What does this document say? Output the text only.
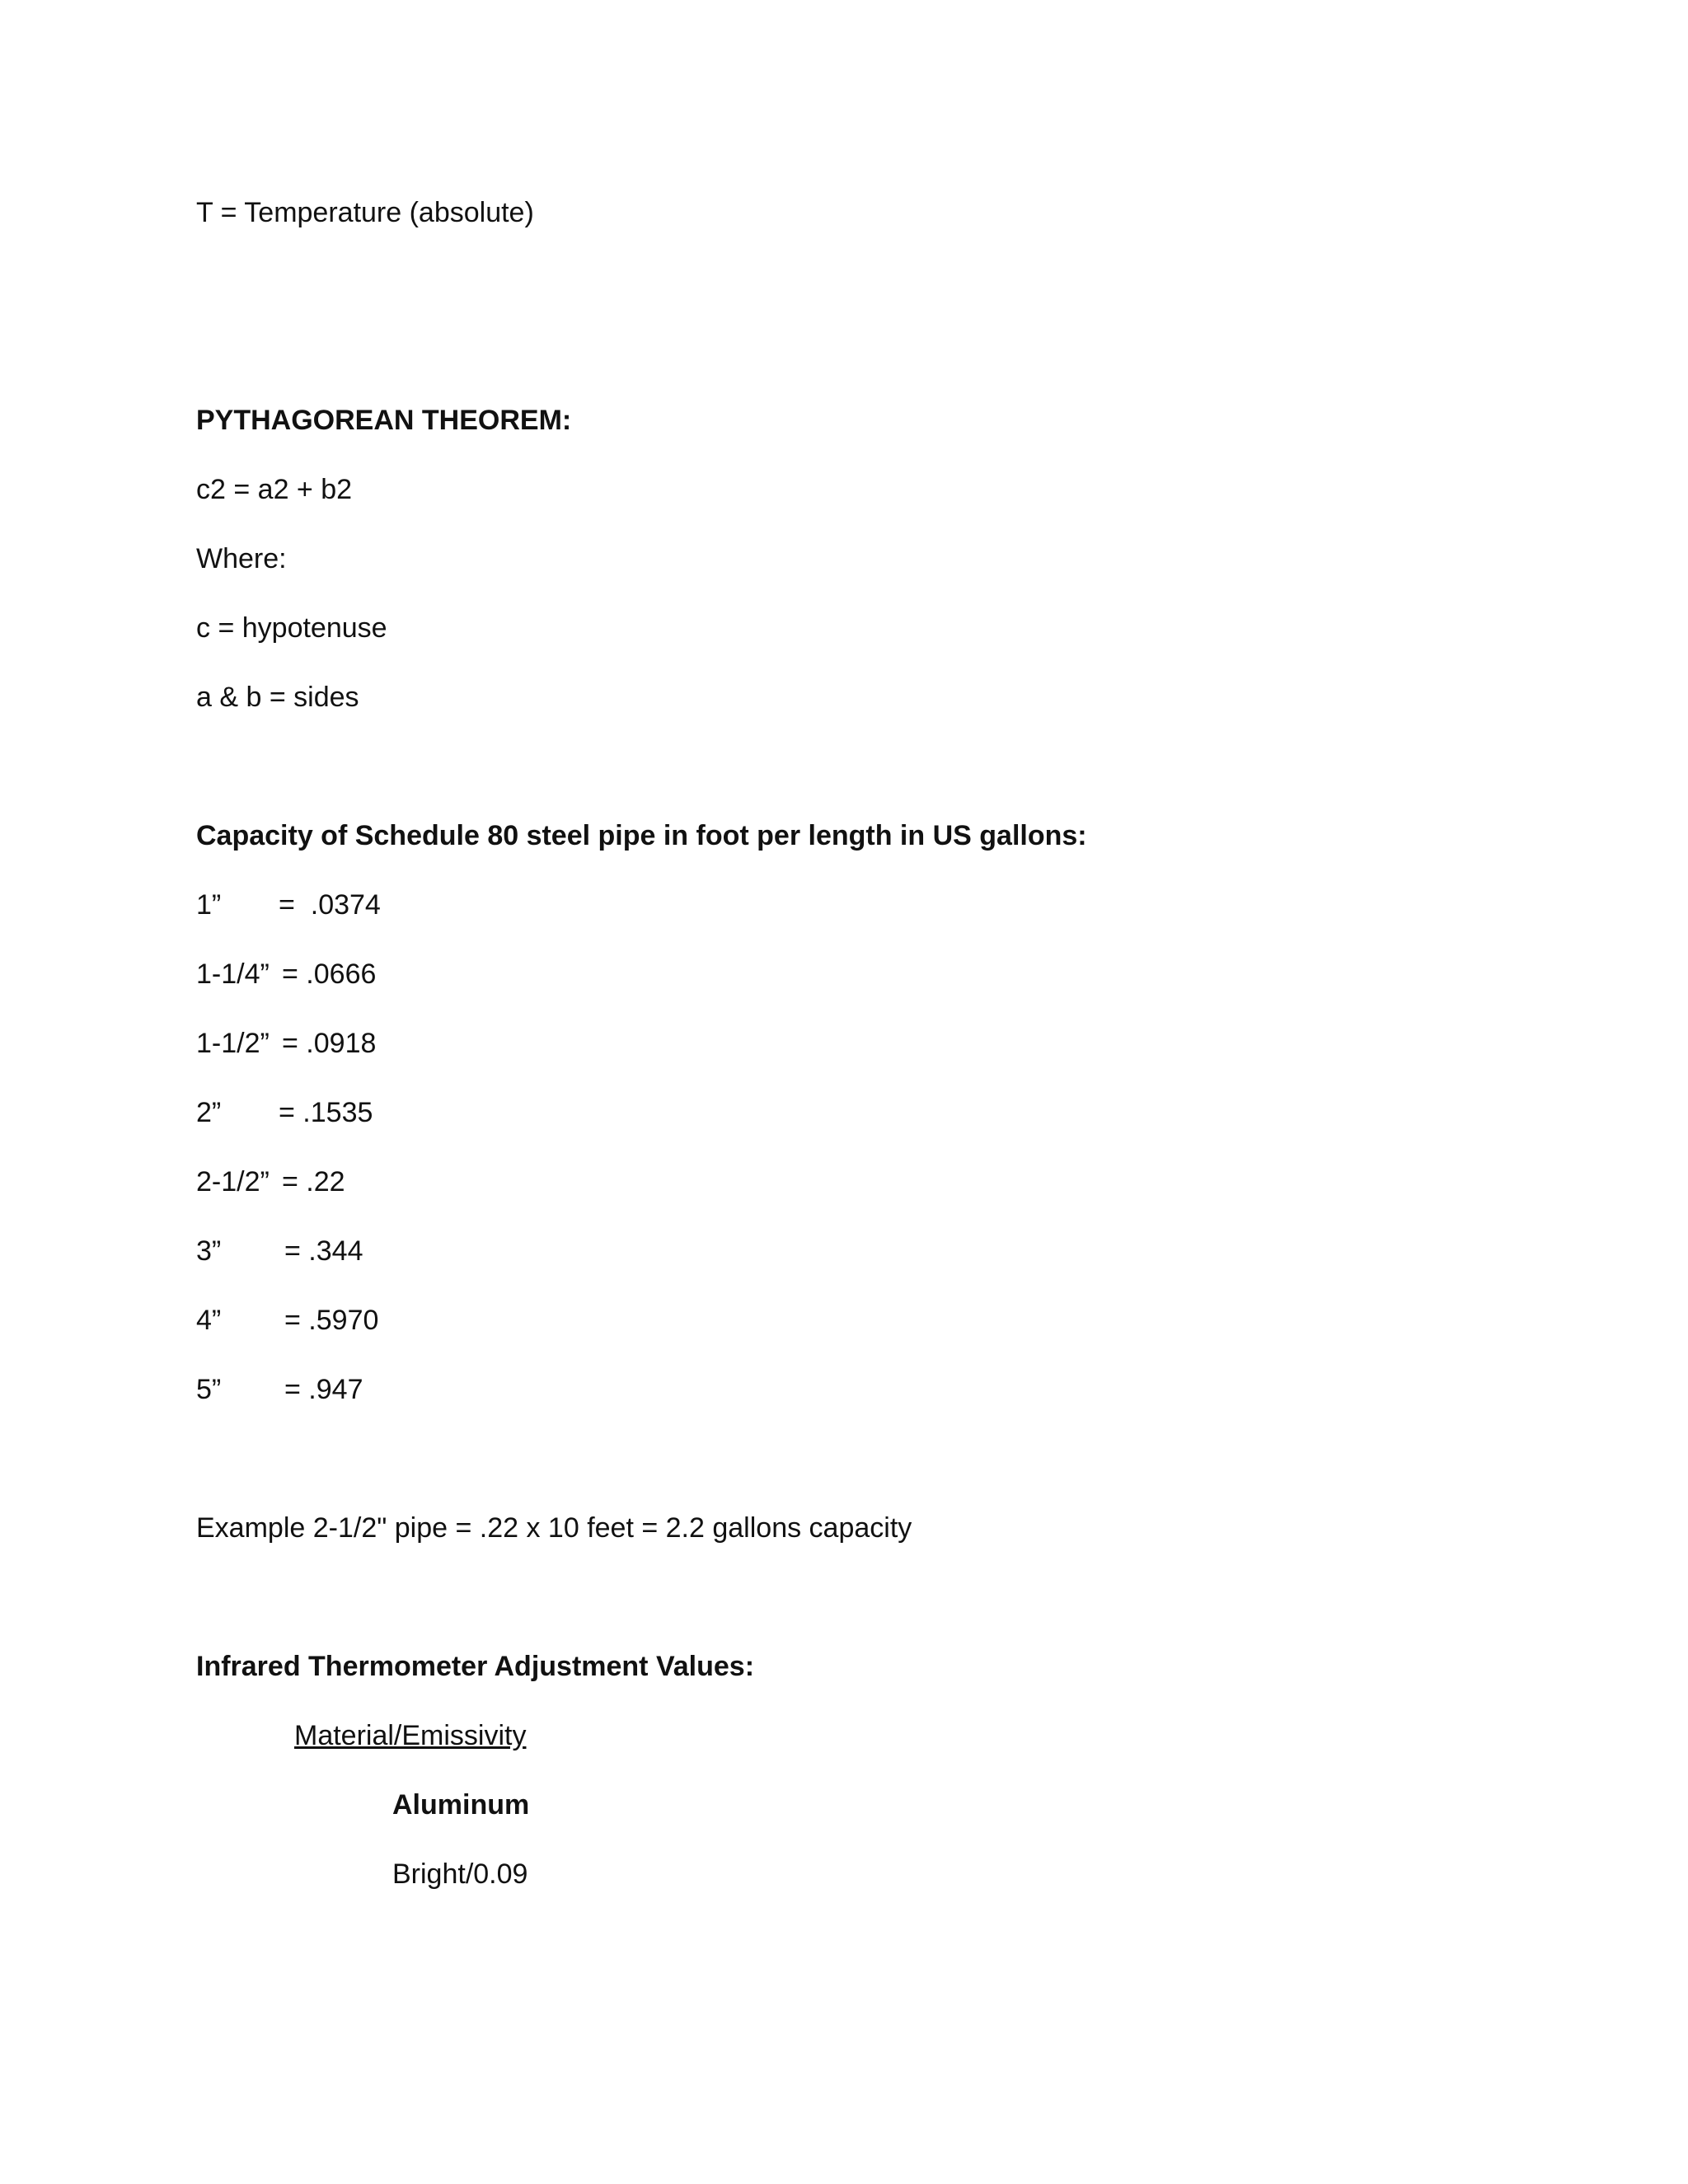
T = Temperature (absolute)
PYTHAGOREAN THEOREM:
c2 = a2 + b2
Where:
c = hypotenuse
a & b = sides
Capacity of Schedule 80 steel pipe in foot per length in US gallons:

1”

=  .0374

1-1/4”

= .0666

1-1/2”

= .0918

2”

= .1535

2-1/2”

= .22

3”

= .344

4”

= .5970

5”

= .947

Example 2-1/2" pipe = .22 x 10 feet = 2.2 gallons capacity
Infrared Thermometer Adjustment Values:
Material/Emissivity
Aluminum
Bright/0.09
